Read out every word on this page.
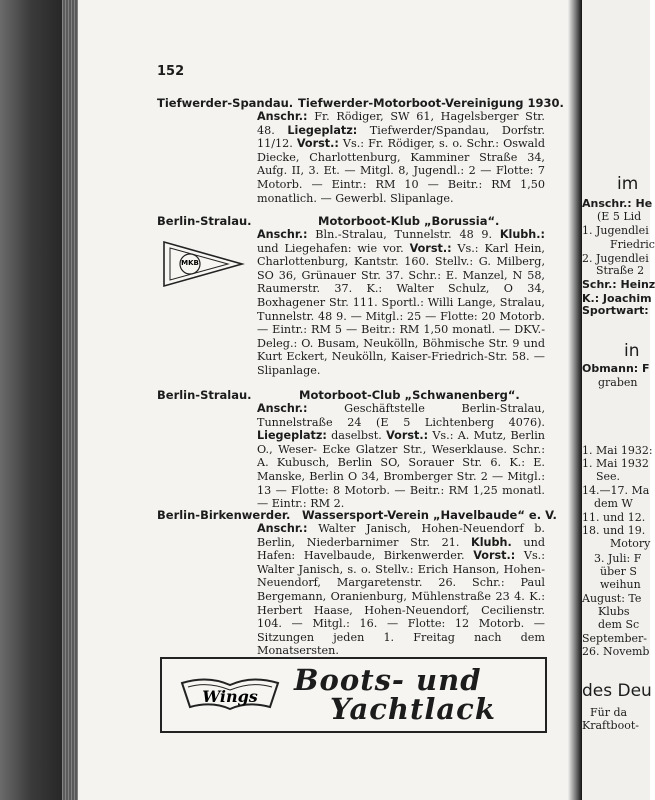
152
Tiefwerder-Spandau. Tiefwerder-Motorboot-Vereinigung 1930.
Anschr.: Fr. Rödiger, SW 61, Hagelsberger Str. 48. Liegeplatz: Tiefwerder/Spandau, Dorfstr. 11/12. Vorst.: Vs.: Fr. Rödiger, s. o. Schr.: Oswald Diecke, Charlottenburg, Kamminer Straße 34, Aufg. II, 3. Et. — Mitgl. 8, Jugendl.: 2 — Flotte: 7 Motorb. — Eintr.: RM 10 — Beitr.: RM 1,50 monatlich. — Gewerbl. Slipanlage.
Berlin-Stralau.	Motorboot-Klub „Borussia“.
Anschr.: Bln.-Stralau, Tunnelstr. 48 9. Klubh.: und Liegehafen: wie vor. Vorst.: Vs.: Karl Hein, Charlottenburg, Kantstr. 160. Stellv.: G. Milberg, SO 36, Grünauer Str. 37. Schr.: E. Manzel, N 58, Raumerstr. 37. K.: Walter Schulz, O 34, Boxhagener Str. 111. Sportl.: Willi Lange, Stralau, Tunnelstr. 48 9. — Mitgl.: 25 — Flotte: 20 Motorb. — Eintr.: RM 5 — Beitr.: RM 1,50 monatl. — DKV.-Deleg.: O. Busam, Neukölln, Böhmische Str. 9 und Kurt Eckert, Neukölln, Kaiser-Friedrich-Str. 58. — Slipanlage.
MKB
Berlin-Stralau.	Motorboot-Club „Schwanenberg“.
Anschr.: Geschäftstelle Berlin-Stralau, Tunnelstraße 24 (E 5 Lichtenberg 4076). Liegeplatz: daselbst. Vorst.: Vs.: A. Mutz, Berlin O., Weser- Ecke Glatzer Str., Weserklause. Schr.: A. Kubusch, Berlin SO, Sorauer Str. 6. K.: E. Manske, Berlin O 34, Bromberger Str. 2 — Mitgl.: 13 — Flotte: 8 Motorb. — Beitr.: RM 1,25 monatl. — Eintr.: RM 2.
Berlin-Birkenwerder. Wassersport-Verein „Havelbaude“ e. V.
Anschr.: Walter Janisch, Hohen-Neuendorf b. Berlin, Niederbarnimer Str. 21. Klubh. und Hafen: Havelbaude, Birkenwerder. Vorst.: Vs.: Walter Janisch, s. o. Stellv.: Erich Hanson, Hohen-Neuendorf, Margaretenstr. 26. Schr.: Paul Bergemann, Oranienburg, Mühlenstraße 23 4. K.: Herbert Haase, Hohen-Neuendorf, Cecilienstr. 104. — Mitgl.: 16. — Flotte: 12 Motorb. — Sitzungen jeden 1. Freitag nach dem Monatsersten.
Wings Boots- und
Yachtlack
im
Anschr.: He
(E 5 Lid
1. Jugendlei
Friedric
2. Jugendlei
Straße 2
Schr.: Heinz
K.: Joachim
Sportwart:
in
Obmann: F
graben
1. Mai 1932:
1. Mai 1932
See.
14.—17. Ma
dem W
11. und 12.
18. und 19.
Motory
3. Juli: F
über S
weihun
August: Te
Klubs
dem Sc
September-
26. Novemb
des Deu
Für da
Kraftboot-
